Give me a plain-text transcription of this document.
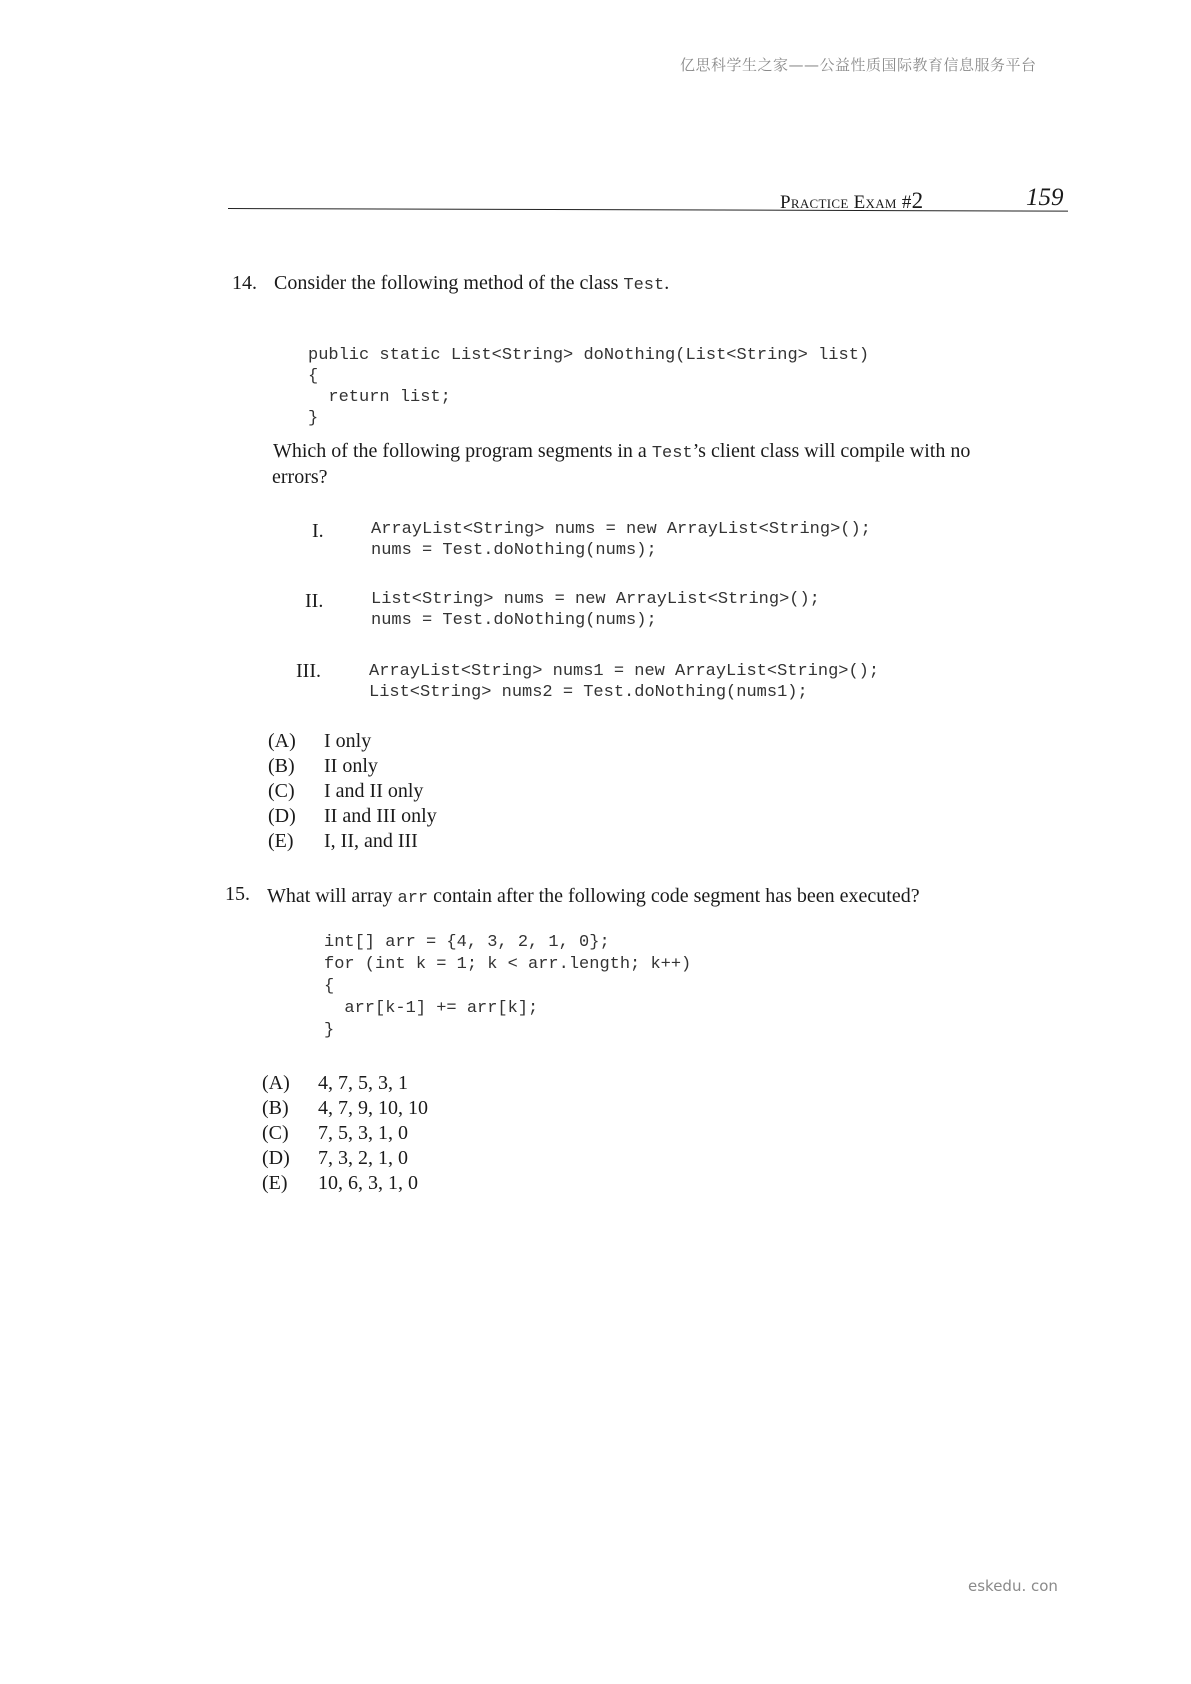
亿思科学生之家——公益性质国际教育信息服务平台
eskedu. con
Practice Exam #2	159
14. Consider the following method of the class Test.

public static List<String> doNothing(List<String> list)
{
return list;
}
Which of the following program segments in a Test’s client class will compile with no
errors?
I.	ArrayList<String> nums = new ArrayList<String>();
nums = Test.doNothing(nums);
II.	List<String> nums = new ArrayList<String>();
nums = Test.doNothing(nums);
III.	ArrayList<String> nums1 = new ArrayList<String>();
List<String> nums2 = Test.doNothing(nums1);
(A) I only
(B) II only
(C) I and II only
(D) II and III only
(E) I, II, and III
15. What will array arr contain after the following code segment has been executed?
int[] arr = {4, 3, 2, 1, 0};
for (int k = 1; k < arr.length; k++)
{
arr[k-1] += arr[k];
}
(A) 4, 7, 5, 3, 1
(B) 4, 7, 9, 10, 10
(C) 7, 5, 3, 1, 0
(D) 7, 3, 2, 1, 0
(E) 10, 6, 3, 1, 0
